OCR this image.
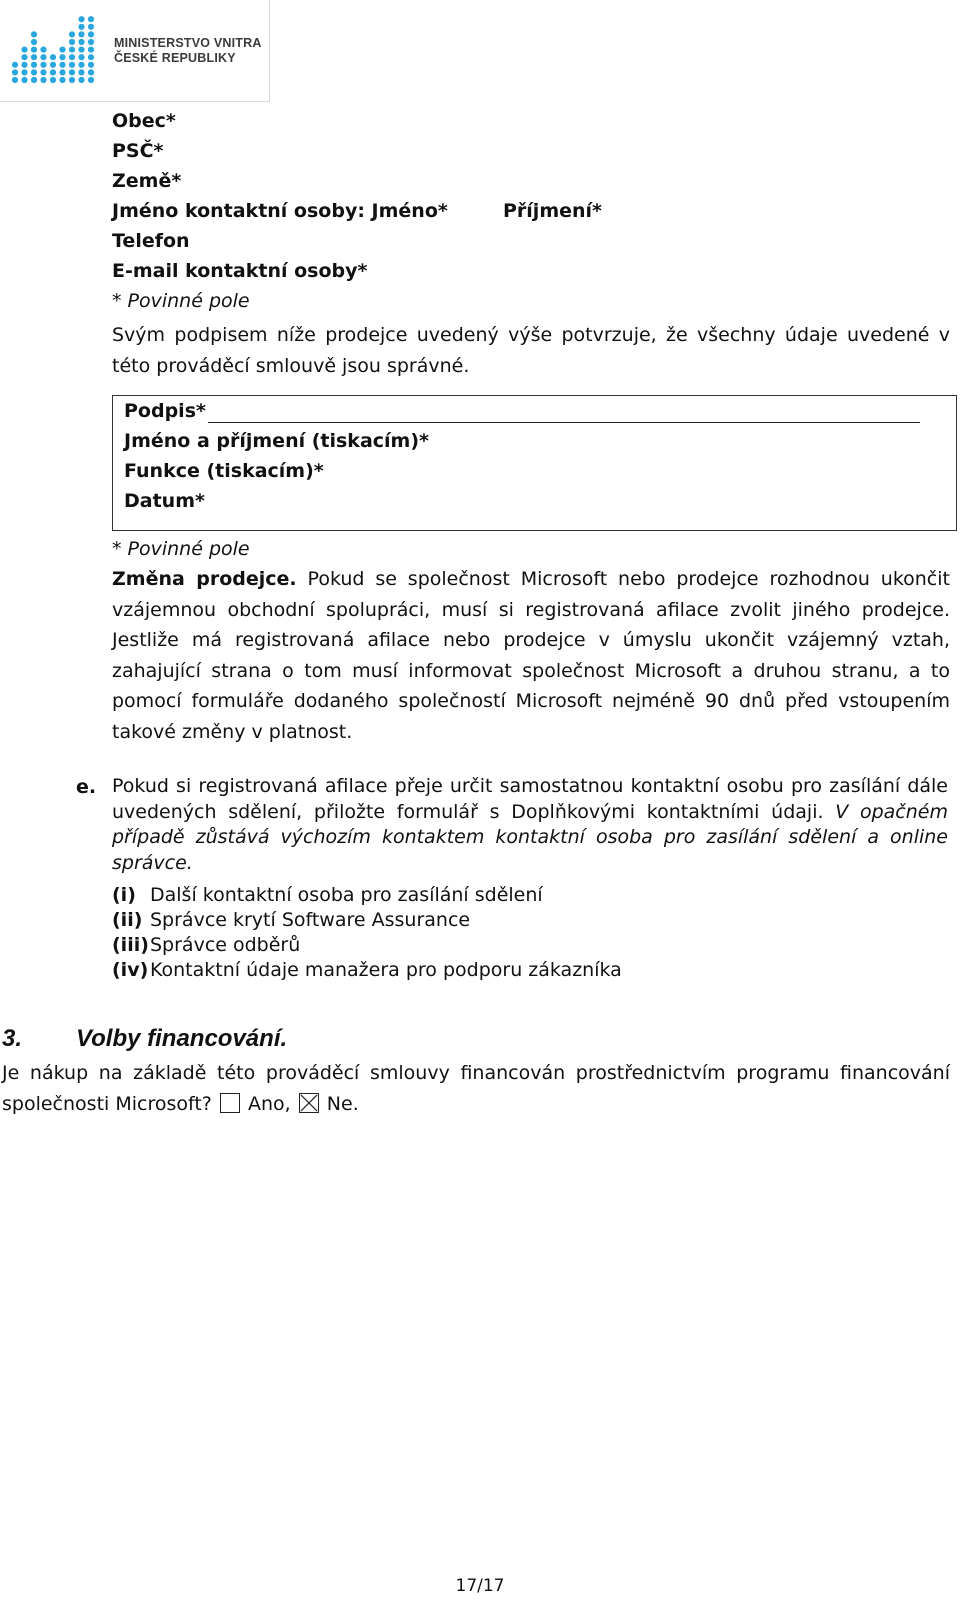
MINISTERSTVO VNITRA
ČESKÉ REPUBLIKY
Obec*
PSČ*
Země*
Jméno kontaktní osoby: Jméno*	Příjmení*
Telefon
E-mail kontaktní osoby*
* Povinné pole
Svým podpisem níže prodejce uvedený výše potvrzuje, že všechny údaje uvedené v této prováděcí smlouvě jsou správné.
Podpis*
Jméno a příjmení (tiskacím)*
Funkce (tiskacím)*
Datum*
* Povinné pole
Změna prodejce. Pokud se společnost Microsoft nebo prodejce rozhodnou ukončit vzájemnou obchodní spolupráci, musí si registrovaná afilace zvolit jiného prodejce. Jestliže má registrovaná afilace nebo prodejce v úmyslu ukončit vzájemný vztah, zahajující strana o tom musí informovat společnost Microsoft a druhou stranu, a to pomocí formuláře dodaného společností Microsoft nejméně 90 dnů před vstoupením takové změny v platnost.
e. Pokud si registrovaná afilace přeje určit samostatnou kontaktní osobu pro zasílání dále uvedených sdělení, přiložte formulář s Doplňkovými kontaktními údaji. V opačném případě zůstává výchozím kontaktem kontaktní osoba pro zasílání sdělení a online správce.
(i) Další kontaktní osoba pro zasílání sdělení
(ii) Správce krytí Software Assurance
(iii)Správce odběrů
(iv)Kontaktní údaje manažera pro podporu zákazníka
3. Volby financování.
Je nákup na základě této prováděcí smlouvy financován prostřednictvím programu financování společnosti Microsoft? Ano, Ne.
17/17
